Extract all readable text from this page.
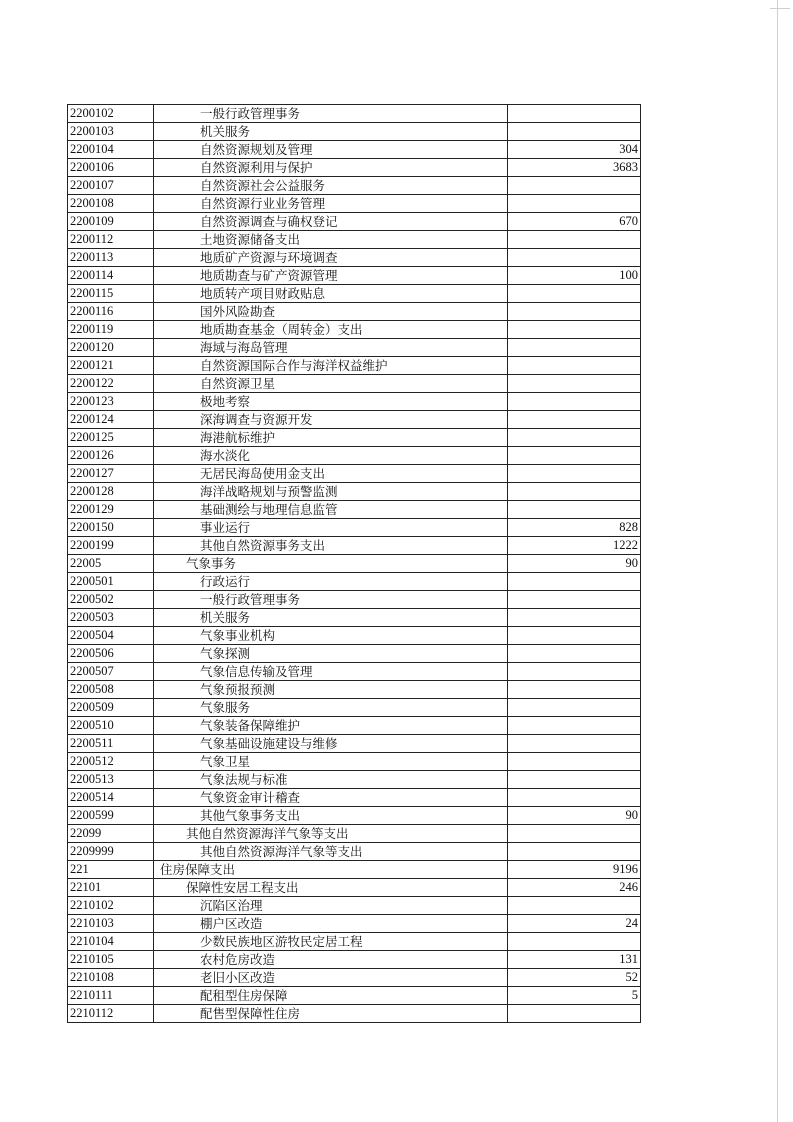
2200102	一般行政管理事务	
2200103	机关服务	
2200104	自然资源规划及管理	304
2200106	自然资源利用与保护	3683
2200107	自然资源社会公益服务	
2200108	自然资源行业业务管理	
2200109	自然资源调查与确权登记	670
2200112	土地资源储备支出	
2200113	地质矿产资源与环境调查	
2200114	地质勘查与矿产资源管理	100
2200115	地质转产项目财政贴息	
2200116	国外风险勘查	
2200119	地质勘查基金（周转金）支出	
2200120	海域与海岛管理	
2200121	自然资源国际合作与海洋权益维护	
2200122	自然资源卫星	
2200123	极地考察	
2200124	深海调查与资源开发	
2200125	海港航标维护	
2200126	海水淡化	
2200127	无居民海岛使用金支出	
2200128	海洋战略规划与预警监测	
2200129	基础测绘与地理信息监管	
2200150	事业运行	828
2200199	其他自然资源事务支出	1222
22005	气象事务	90
2200501	行政运行	
2200502	一般行政管理事务	
2200503	机关服务	
2200504	气象事业机构	
2200506	气象探测	
2200507	气象信息传输及管理	
2200508	气象预报预测	
2200509	气象服务	
2200510	气象装备保障维护	
2200511	气象基础设施建设与维修	
2200512	气象卫星	
2200513	气象法规与标准	
2200514	气象资金审计稽查	
2200599	其他气象事务支出	90
22099	其他自然资源海洋气象等支出	
2209999	其他自然资源海洋气象等支出	
221	住房保障支出	9196
22101	保障性安居工程支出	246
2210102	沉陷区治理	
2210103	棚户区改造	24
2210104	少数民族地区游牧民定居工程	
2210105	农村危房改造	131
2210108	老旧小区改造	52
2210111	配租型住房保障	5
2210112	配售型保障性住房	
